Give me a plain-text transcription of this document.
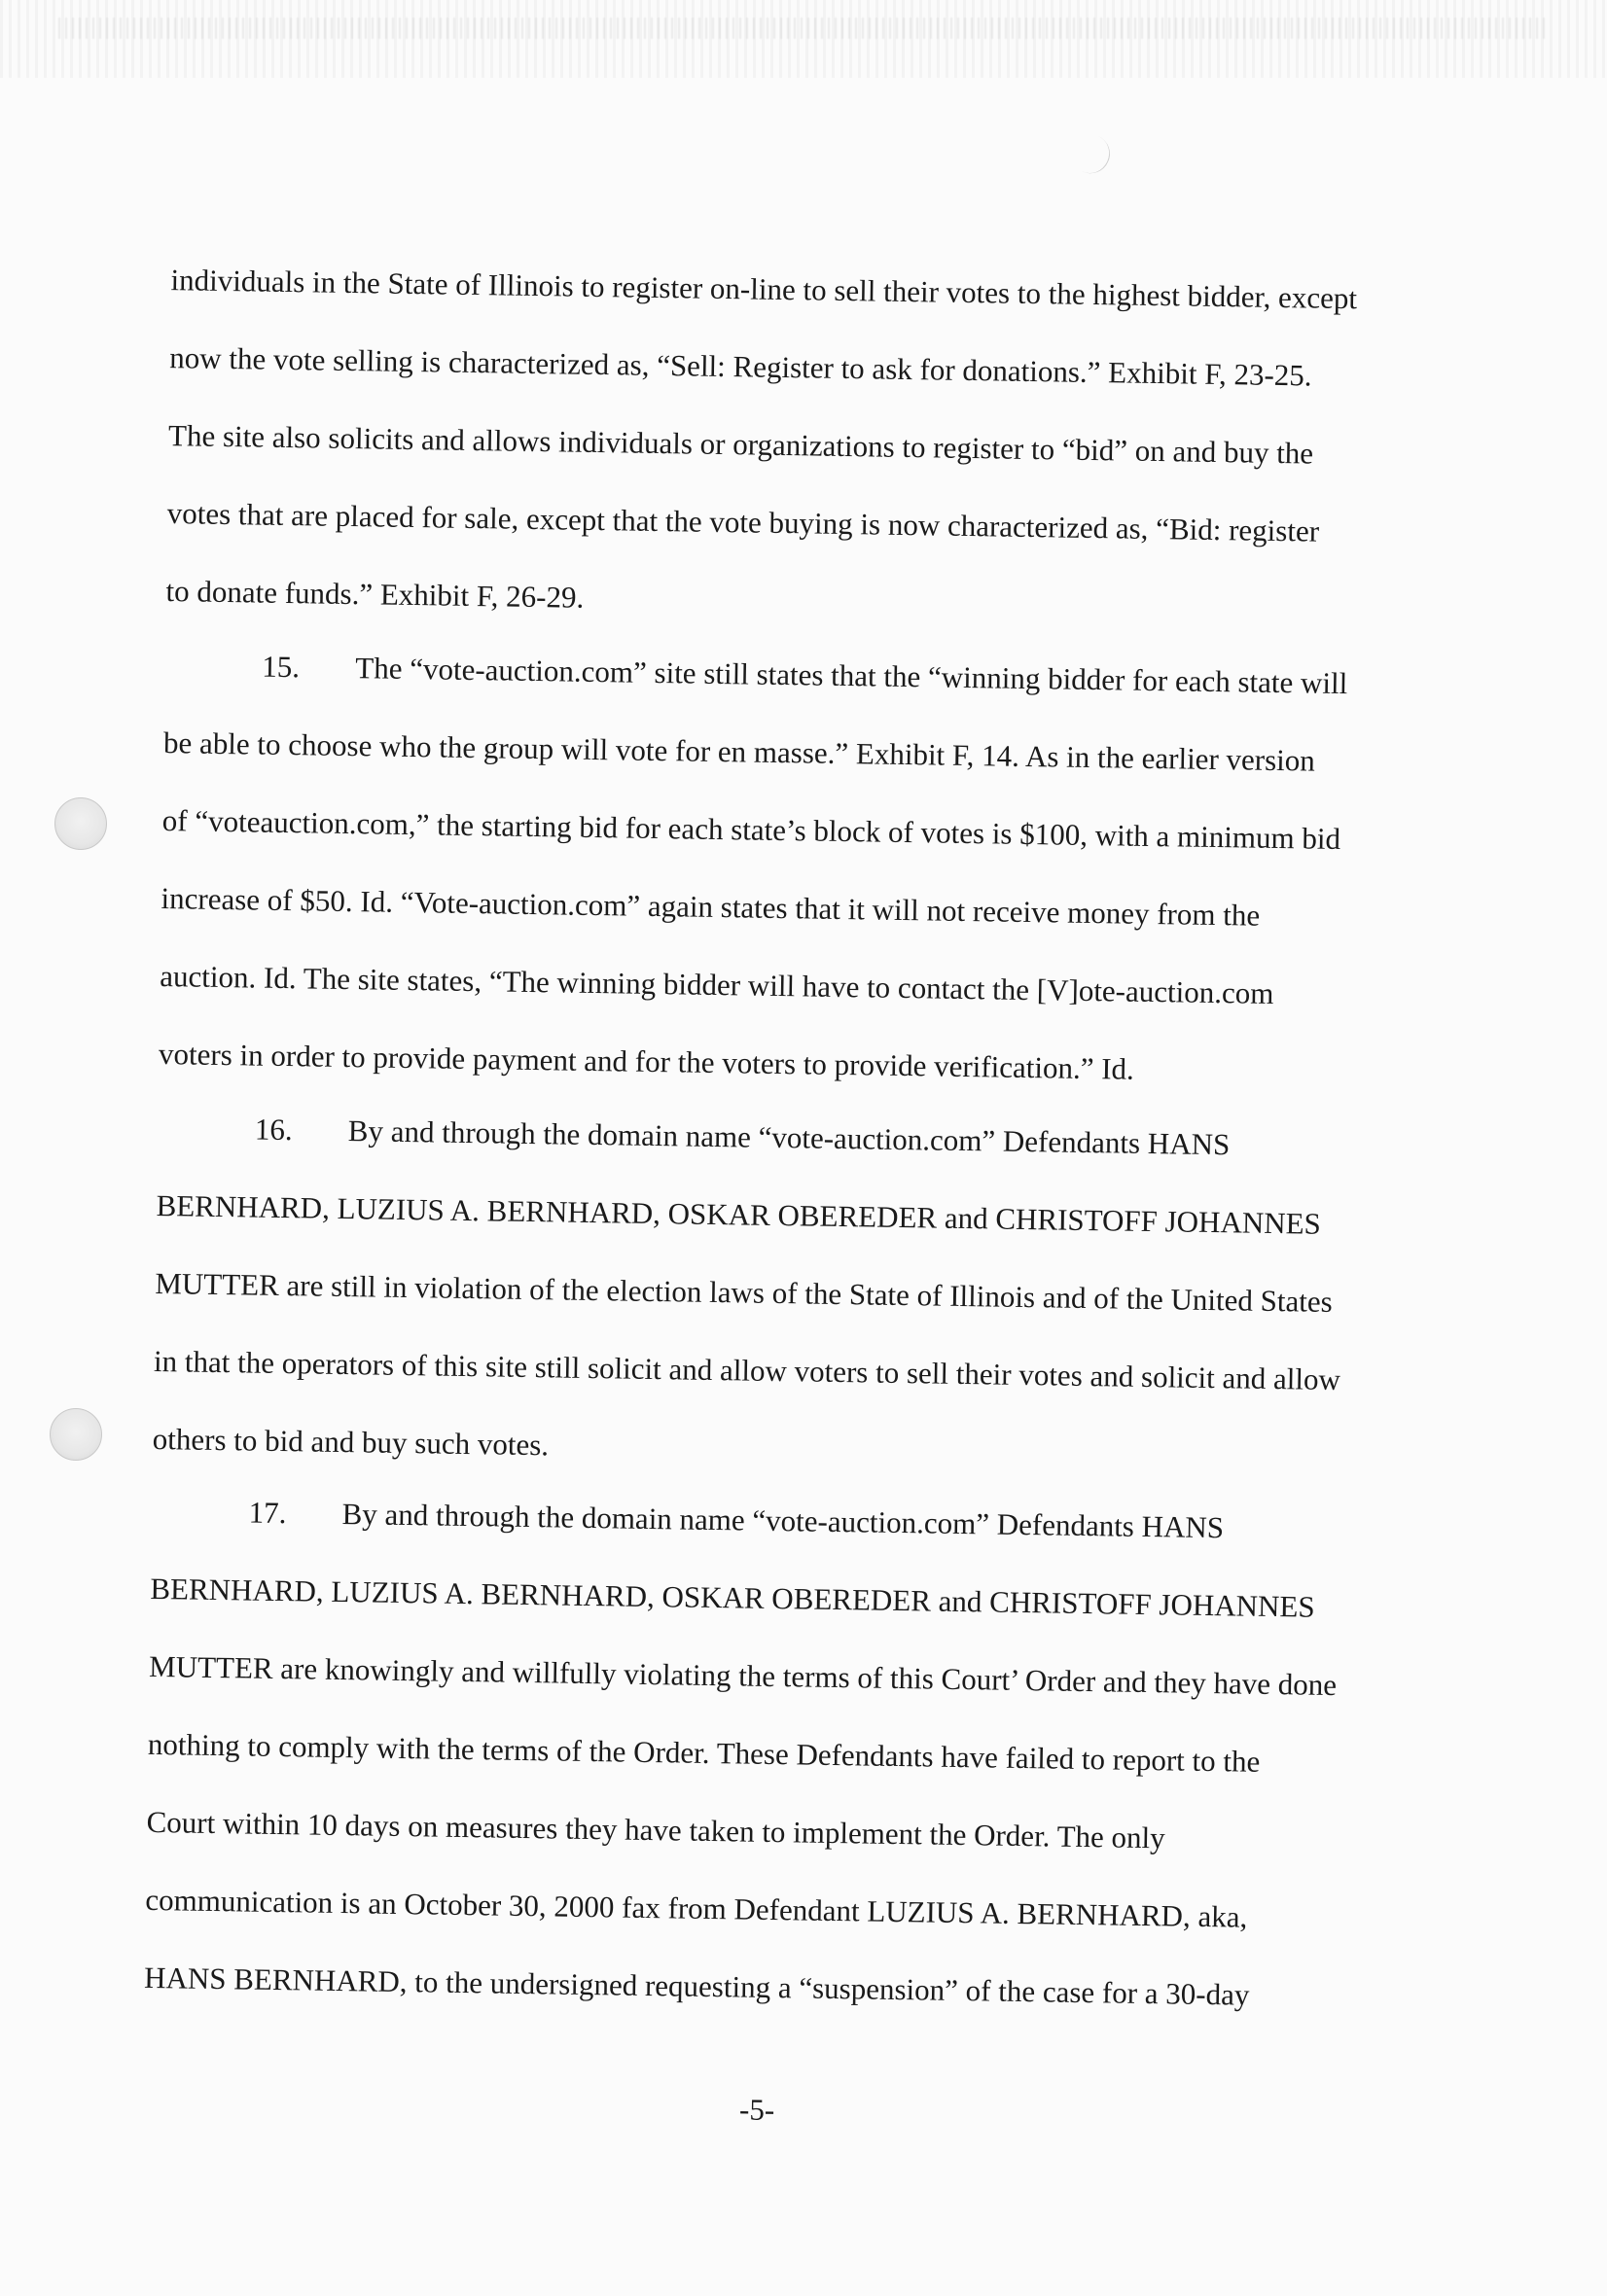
individuals in the State of Illinois to register on-line to sell their votes to the highest bidder, except
now the vote selling is characterized as, “Sell: Register to ask for donations.” Exhibit F, 23-25.
The site also solicits and allows individuals or organizations to register to “bid” on and buy the
votes that are placed for sale, except that the vote buying is now characterized as, “Bid: register
to donate funds.” Exhibit F, 26-29.
15. The “vote-auction.com” site still states that the “winning bidder for each state will
be able to choose who the group will vote for en masse.” Exhibit F, 14. As in the earlier version
of “voteauction.com,” the starting bid for each state’s block of votes is $100, with a minimum bid
increase of $50. Id. “Vote-auction.com” again states that it will not receive money from the
auction. Id. The site states, “The winning bidder will have to contact the [V]ote-auction.com
voters in order to provide payment and for the voters to provide verification.” Id.
16. By and through the domain name “vote-auction.com” Defendants HANS
BERNHARD, LUZIUS A. BERNHARD, OSKAR OBEREDER and CHRISTOFF JOHANNES
MUTTER are still in violation of the election laws of the State of Illinois and of the United States
in that the operators of this site still solicit and allow voters to sell their votes and solicit and allow
others to bid and buy such votes.
17. By and through the domain name “vote-auction.com” Defendants HANS
BERNHARD, LUZIUS A. BERNHARD, OSKAR OBEREDER and CHRISTOFF JOHANNES
MUTTER are knowingly and willfully violating the terms of this Court’ Order and they have done
nothing to comply with the terms of the Order. These Defendants have failed to report to the
Court within 10 days on measures they have taken to implement the Order. The only
communication is an October 30, 2000 fax from Defendant LUZIUS A. BERNHARD, aka,
HANS BERNHARD, to the undersigned requesting a “suspension” of the case for a 30-day
-5-
